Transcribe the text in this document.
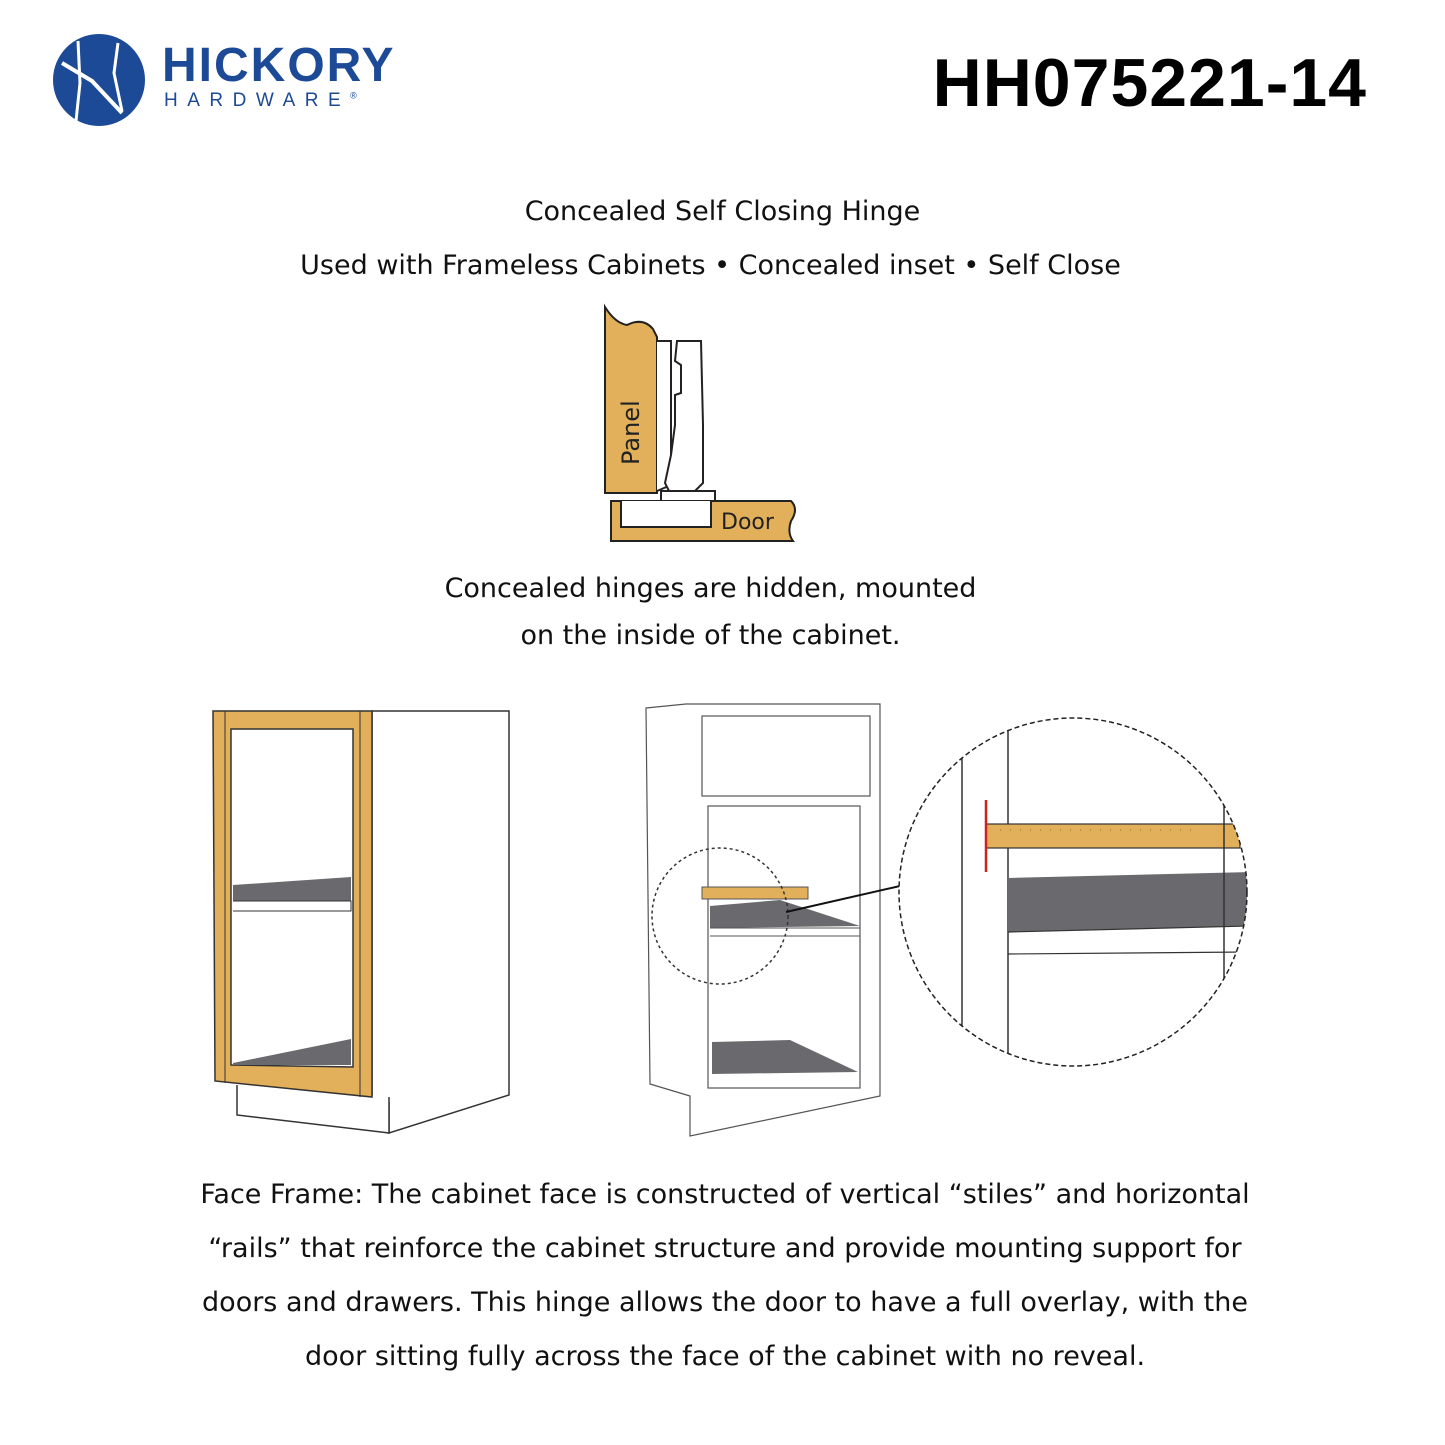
HICKORY
HARDWARE®	HH075221-14
Concealed Self Closing Hinge
Used with Frameless Cabinets • Concealed inset • Self Close
Panel
Door
Concealed hinges are hidden, mounted
on the inside of the cabinet.
Face Frame: The cabinet face is constructed of vertical “stiles” and horizontal
“rails” that reinforce the cabinet structure and provide mounting support for
doors and drawers. This hinge allows the door to have a full overlay, with the
door sitting fully across the face of the cabinet with no reveal.
